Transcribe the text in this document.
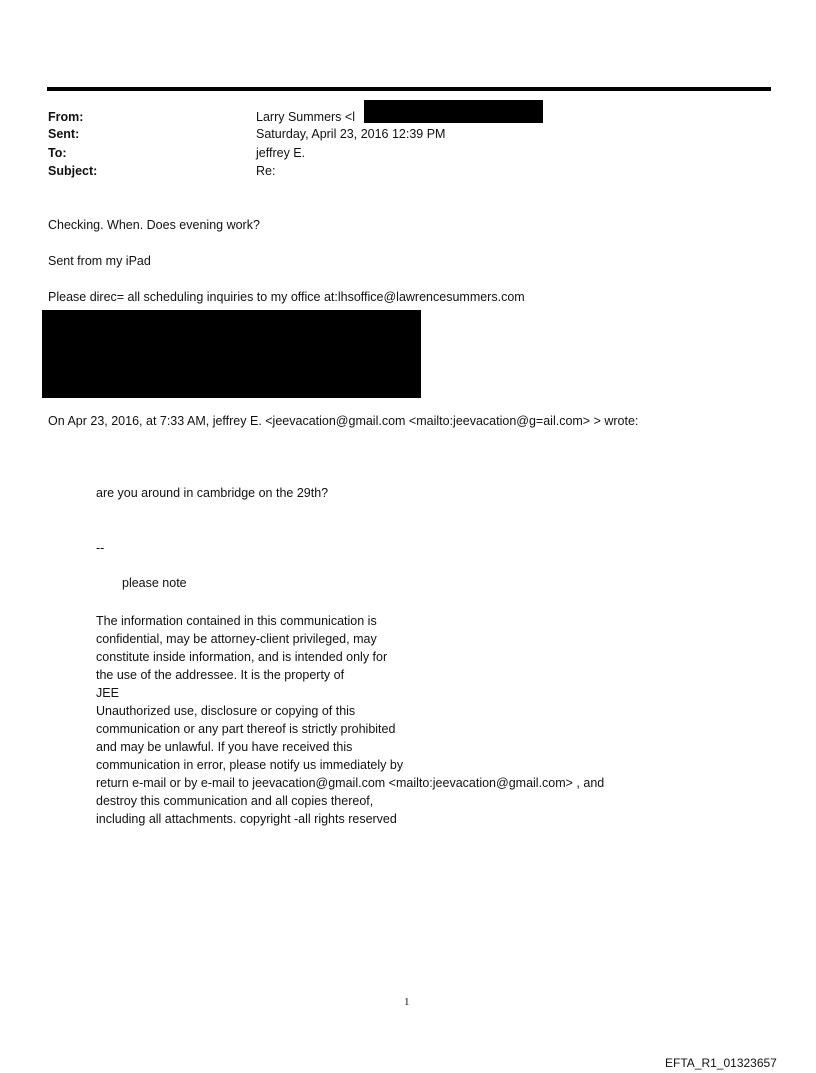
From:	Larry Summers <l
Sent:	Saturday, April 23, 2016 12:39 PM
To:	jeffrey E.
Subject:	Re:
Checking. When. Does evening work?
Sent from my iPad
Please direc= all scheduling inquiries to my office at:lhsoffice@lawrencesummers.com
On Apr 23, 2016, at 7:33 AM, jeffrey E. <jeevacation@gmail.com <mailto:jeevacation@g=ail.com> > wrote:
are you around in cambridge on the 29th?
--
please note
The information contained in this communication is
confidential, may be attorney-client privileged, may
constitute inside information, and is intended only for
the use of the addressee. It is the property of
JEE
Unauthorized use, disclosure or copying of this
communication or any part thereof is strictly prohibited
and may be unlawful. If you have received this
communication in error, please notify us immediately by
return e-mail or by e-mail to jeevacation@gmail.com <mailto:jeevacation@gmail.com> , and
destroy this communication and all copies thereof,
including all attachments. copyright -all rights reserved
1
EFTA_R1_01323657
